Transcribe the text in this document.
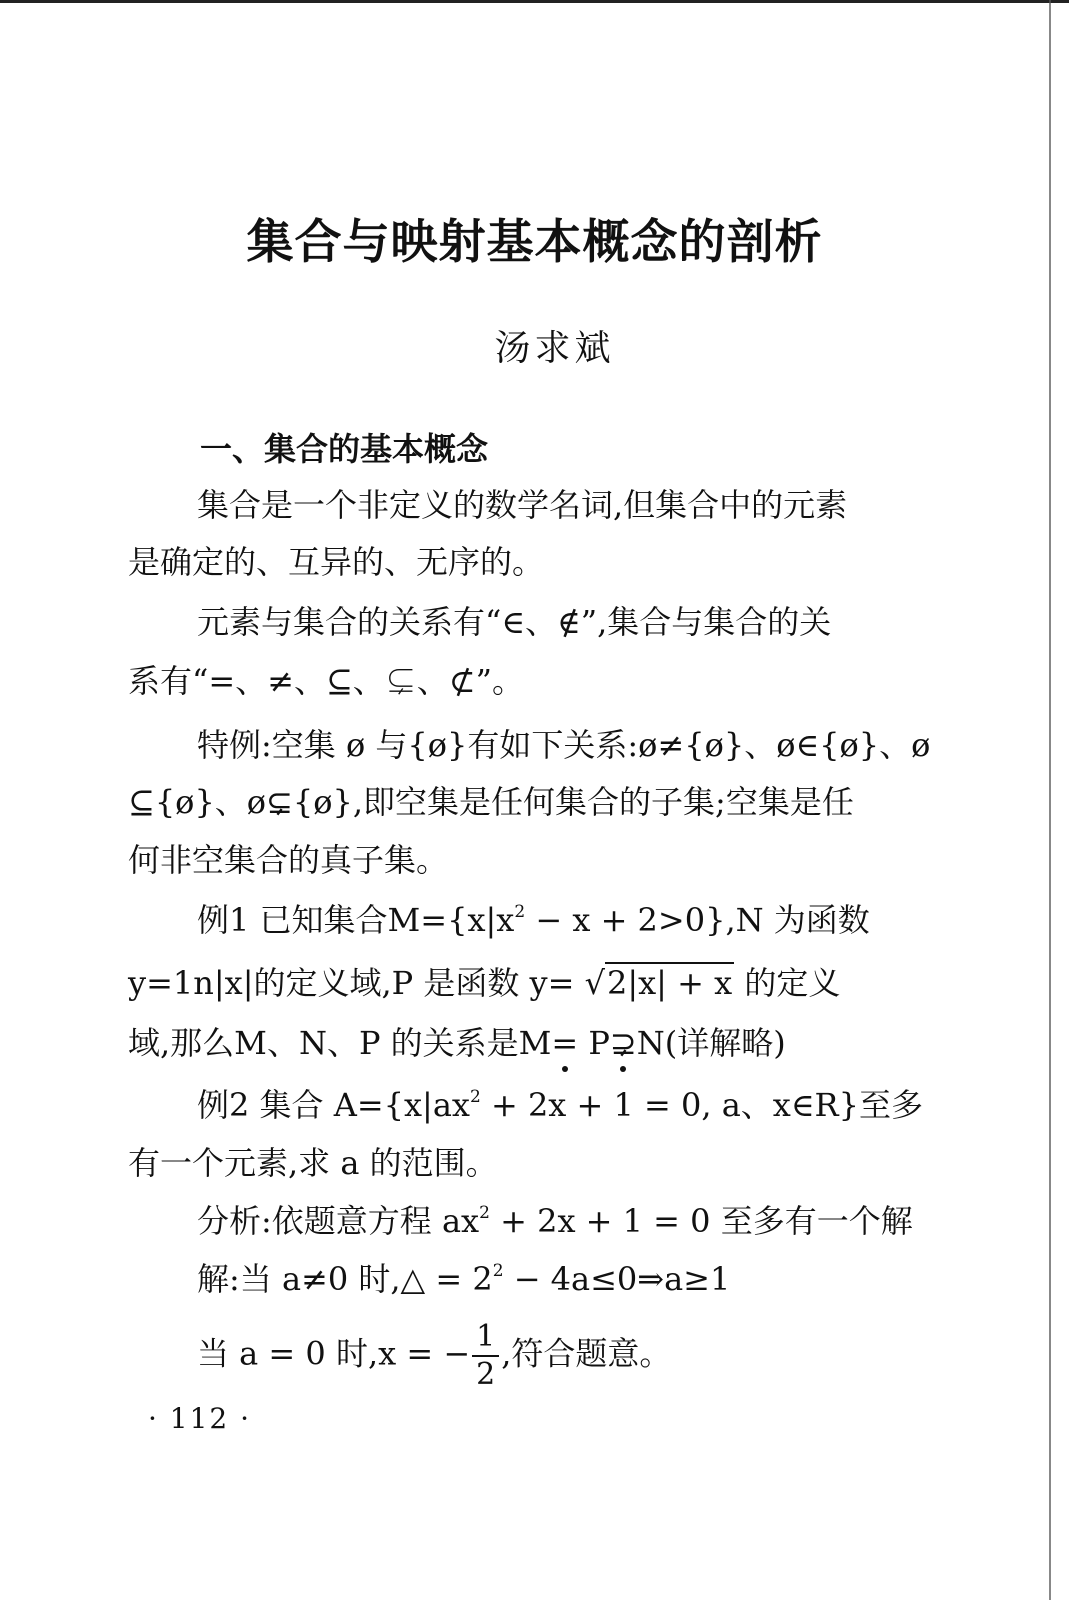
集合与映射基本概念的剖析
汤求斌
一、集合的基本概念
集合是一个非定义的数学名词,但集合中的元素
是确定的、互异的、无序的。
元素与集合的关系有“∈、∉”,集合与集合的关
系有“=、≠、⊆、⊊、⊄”。
特例:空集 ø 与{ø}有如下关系:ø≠{ø}、ø∈{ø}、ø
⊆{ø}、ø⊊{ø},即空集是任何集合的子集;空集是任
何非空集合的真子集。
例1 已知集合$M=\{x|x^2 - x + 2>0\},N$ 为函数
y=1n|x|的定义域,P 是函数 y= √2|x| + x 的定义
域,那么M、N、P 的关系是M= P⊋N(详解略)
例2 集合 $A=\{x|ax^2 + 2x + 1 = 0$, a、x∈R}至多
有一个元素,求 a 的范围。
分析:依题意方程 $ax^2 + 2x + 1 = 0$ 至多有一个解
解:当 a≠0 时,△ = $2^2$ − 4a≤0⇒a≥1
当 a = 0 时,x = − $\frac{1}{2}$ ,符合题意。
· 112 ·
